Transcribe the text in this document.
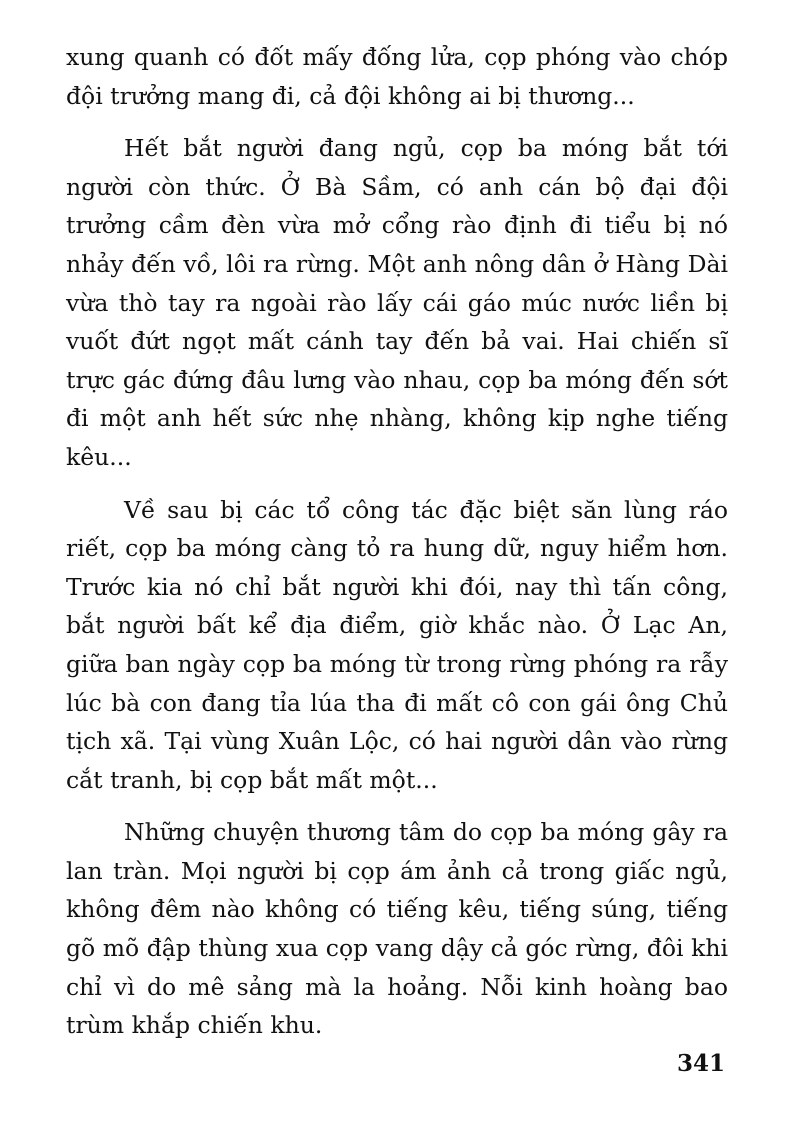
xung quanh có đốt mấy đống lửa, cọp phóng vào chóp đội trưởng mang đi, cả đội không ai bị thương...

Hết bắt người đang ngủ, cọp ba móng bắt tới người còn thức. Ở Bà Sầm, có anh cán bộ đại đội trưởng cầm đèn vừa mở cổng rào định đi tiểu bị nó nhảy đến vồ, lôi ra rừng. Một anh nông dân ở Hàng Dài vừa thò tay ra ngoài rào lấy cái gáo múc nước liền bị vuốt đứt ngọt mất cánh tay đến bả vai. Hai chiến sĩ trực gác đứng đâu lưng vào nhau, cọp ba móng đến sớt đi một anh hết sức nhẹ nhàng, không kịp nghe tiếng kêu...

Về sau bị các tổ công tác đặc biệt săn lùng ráo riết, cọp ba móng càng tỏ ra hung dữ, nguy hiểm hơn. Trước kia nó chỉ bắt người khi đói, nay thì tấn công, bắt người bất kể địa điểm, giờ khắc nào. Ở Lạc An, giữa ban ngày cọp ba móng từ trong rừng phóng ra rẫy lúc bà con đang tỉa lúa tha đi mất cô con gái ông Chủ tịch xã. Tại vùng Xuân Lộc, có hai người dân vào rừng cắt tranh, bị cọp bắt mất một...

Những chuyện thương tâm do cọp ba móng gây ra lan tràn. Mọi người bị cọp ám ảnh cả trong giấc ngủ, không đêm nào không có tiếng kêu, tiếng súng, tiếng gõ mõ đập thùng xua cọp vang dậy cả góc rừng, đôi khi chỉ vì do mê sảng mà la hoảng. Nỗi kinh hoàng bao trùm khắp chiến khu.

341
